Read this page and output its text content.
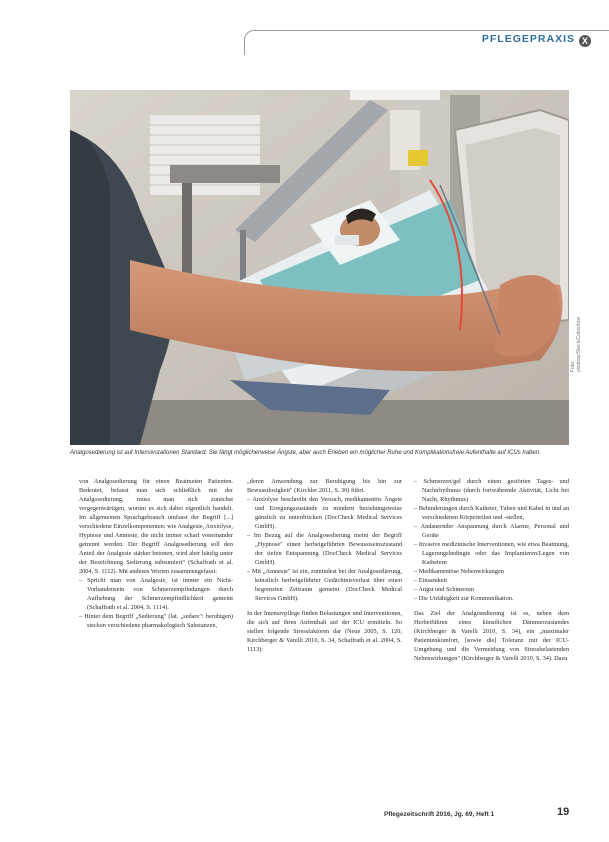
PFLEGEPRAXIS X
Foto: pixabay/Stock/Colourbox
Analgosedierung ist auf Intensivstationen Standard. Sie fängt möglicherweise Ängste, aber auch Erleben ein möglicher Ruhe und Komplikationsfreie Aufenthalte auf ICUs haben.

von Analgosedierung für einen Beatmeten Patienten. Bedeutet, befasst man sich schließlich mit der Analgosedierung, muss man sich zunächst vergegenwärtigen, worum es sich dabei eigentlich handelt. Im allgemeinen Sprachgebrauch umfasst der Begriff [...] verschiedene Einzelkomponenten: wie Analgesie, Anxiolyse, Hypnose und Amnesie, die nicht immer scharf voneinander getrennt werden. Der Begriff Analgosedierung soll den Anteil der Analgesie stärker betonen, wird aber häufig unter der Bezeichnung Sedierung subsumiert" (Schaffrath et al. 2004, S. 1112). Mit anderen Worten zusammengefasst:

– Spricht man von Analgesie, ist immer ein Nicht-Vorhandensein von Schmerzempfindungen durch Aufhebung der Schmerzempfindlichkeit gemeint (Schaffrath et al. 2004, S. 1114).
– Hinter dem Begriff „Sedierung" (lat. „sedare": beruhigen) stecken verschiedene pharmakologisch Substanzen,

„deren Anwendung zur Beruhigung bis hin zur Bewusstlosigkeit" (Kirchler 2011, S. 30) führt.

– Anxiolyse beschreibt den Versuch, medikamentös Ängste und Erregungszustände zu mindern beziehungsweise gänzlich zu unterdrücken (DocCheck Medical Services GmbH).
– Im Bezug auf die Analgosedierung meint der Begriff „Hypnose" einen herbeigeführten Bewusstseinszustand der tiefen Entspannung (DocCheck Medical Services GmbH).
– Mit „Amnesie" ist ein, zumindest bei der Analgosedierung, künstlich herbeigeführter Gedächtnisverlust über einen begrenzten Zeitraum gemeint (DocCheck Medical Services GmbH).

In der Intensivpflege finden Belastungen und Interventionen, die sich auf ihren Aufenthalt auf der ICU ermitteln. So stellen folgende Stressfaktoren dar (Neue 2005, S. 120, Kirchberger & Varelli 2010, S. 34, Schaffrath et al. 2004, S. 1113):

– Schmerzen/gel durch einen gestörten Tages- und Nachtrhythmus (durch fortwährende Aktivität, Licht bei Nacht, Rhythmus)
– Behinderungen durch Katheter, Tuben und Kabel in und an verschiedenen Körperteilen und -stellen,
– Andauernder Anspannung durch Alarme, Personal und Geräte
– Invasive medizinische Interventionen, wie etwa Beatmung, Lagerungsbedingte oder das Implantieren/Legen von Kathetern
– Medikamentöse Nebenwirkungen
– Einsamkeit
– Angst und Schmerzen
– Die Unfähigkeit zur Kommunikation.

Das Ziel der Analgosedierung ist es, neben dem Herbeiführen eines künstlichen Dämmerzustandes (Kirchberger & Varelli 2010, S. 34), ein „maximaler Patientenkomfort, [sowie die] Toleranz mit der ICU-Umgebung und die Vermeidung von Stressbelastenden Nebenwirkungen" (Kirchberger & Varelli 2010, S. 34). Dazu

Pflegezeitschrift 2016, Jg. 69, Heft 1	19
